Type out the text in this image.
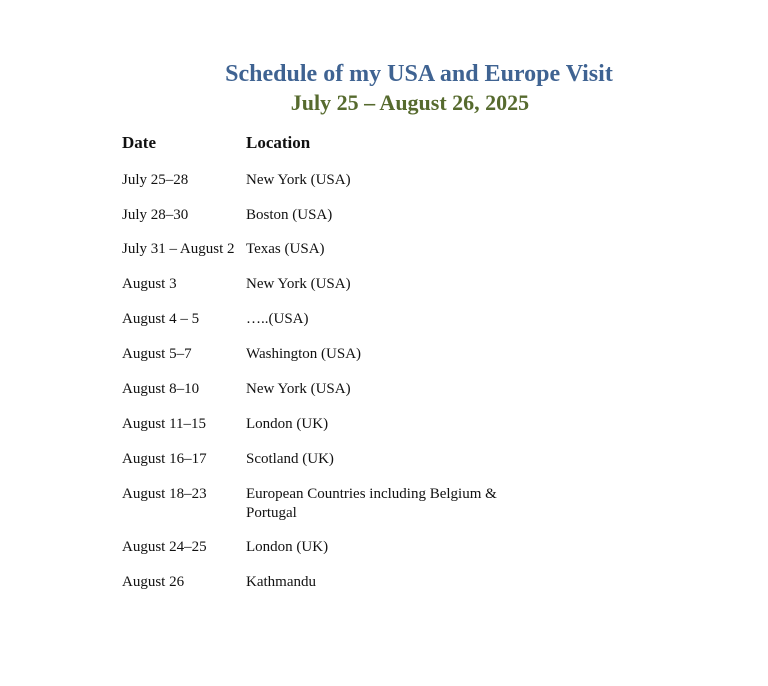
Schedule of my USA and Europe Visit
July 25 – August 26, 2025
Date	Location
July 25–28	New York (USA)
July 28–30	Boston (USA)
July 31 – August 2 Texas (USA)
August 3	New York (USA)
August 4 – 5	…..(USA)
August 5–7	Washington (USA)
August 8–10	New York (USA)
August 11–15	London (UK)
August 16–17	Scotland (UK)
August 18–23	European Countries including Belgium & Portugal
August 24–25	London (UK)
August 26	Kathmandu
